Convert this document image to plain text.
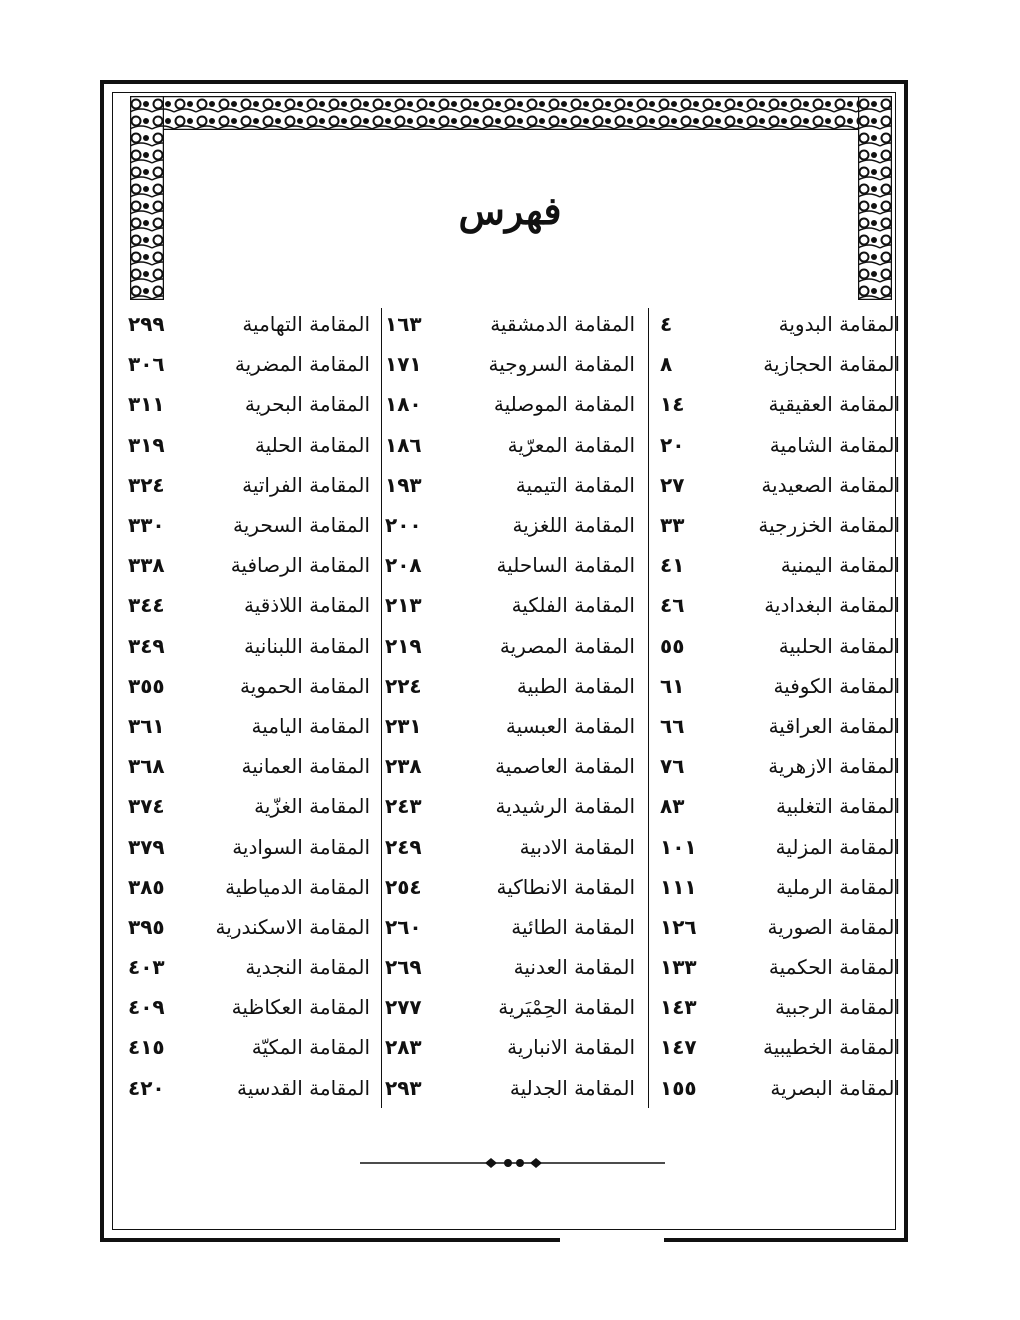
فهرس
المقامة البدوية
٤
المقامة الحجازية
٨
المقامة العقيقية
١٤
المقامة الشامية
٢٠
المقامة الصعيدية
٢٧
المقامة الخزرجية
٣٣
المقامة اليمنية
٤١
المقامة البغدادية
٤٦
المقامة الحلبية
٥٥
المقامة الكوفية
٦١
المقامة العراقية
٦٦
المقامة الازهرية
٧٦
المقامة التغلبية
٨٣
المقامة المزلية
١٠١
المقامة الرملية
١١١
المقامة الصورية
١٢٦
المقامة الحكمية
١٣٣
المقامة الرجبية
١٤٣
المقامة الخطيبية
١٤٧
المقامة البصرية
١٥٥
المقامة الدمشقية
١٦٣
المقامة السروجية
١٧١
المقامة الموصلية
١٨٠
المقامة المعرّية
١٨٦
المقامة التيمية
١٩٣
المقامة اللغزية
٢٠٠
المقامة الساحلية
٢٠٨
المقامة الفلكية
٢١٣
المقامة المصرية
٢١٩
المقامة الطبية
٢٢٤
المقامة العبسية
٢٣١
المقامة العاصمية
٢٣٨
المقامة الرشيدية
٢٤٣
المقامة الادبية
٢٤٩
المقامة الانطاكية
٢٥٤
المقامة الطائية
٢٦٠
المقامة العدنية
٢٦٩
المقامة الحِمْيَرية
٢٧٧
المقامة الانبارية
٢٨٣
المقامة الجدلية
٢٩٣
المقامة التهامية
٢٩٩
المقامة المضرية
٣٠٦
المقامة البحرية
٣١١
المقامة الحلية
٣١٩
المقامة الفراتية
٣٢٤
المقامة السحرية
٣٣٠
المقامة الرصافية
٣٣٨
المقامة اللاذقية
٣٤٤
المقامة اللبنانية
٣٤٩
المقامة الحموية
٣٥٥
المقامة اليامية
٣٦١
المقامة العمانية
٣٦٨
المقامة الغزّية
٣٧٤
المقامة السوادية
٣٧٩
المقامة الدمياطية
٣٨٥
المقامة الاسكندرية
٣٩٥
المقامة النجدية
٤٠٣
المقامة العكاظية
٤٠٩
المقامة المكيّة
٤١٥
المقامة القدسية
٤٢٠
